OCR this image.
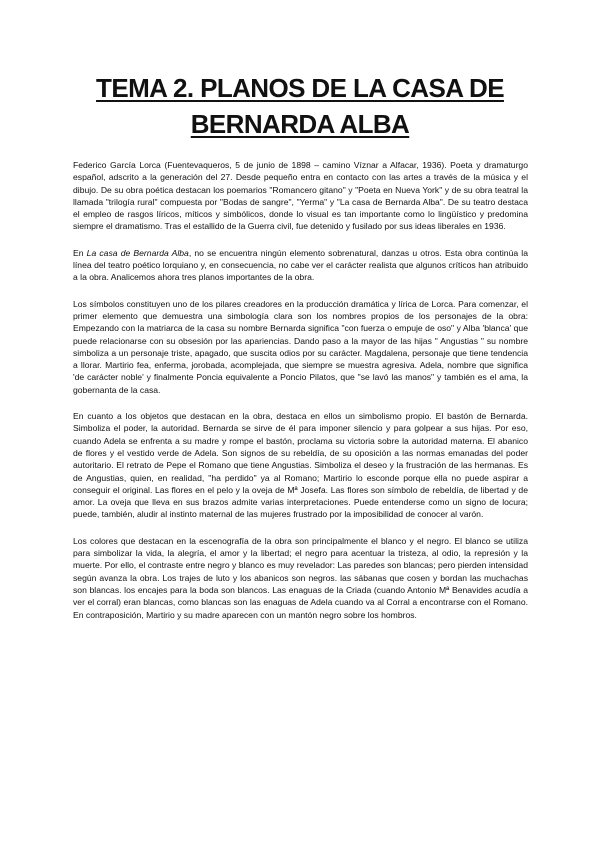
TEMA 2. PLANOS DE LA CASA DE
BERNARDA ALBA

Federico García Lorca (Fuentevaqueros, 5 de junio de 1898 – camino Víznar a Alfacar, 1936). Poeta y dramaturgo español, adscrito a la generación del 27. Desde pequeño entra en contacto con las artes a través de la música y el dibujo. De su obra poética destacan los poemarios "Romancero gitano" y "Poeta en Nueva York" y de su obra teatral la llamada "trilogía rural" compuesta por "Bodas de sangre", "Yerma" y "La casa de Bernarda Alba". De su teatro destaca el empleo de rasgos líricos, míticos y simbólicos, donde lo visual es tan importante como lo lingüístico y predomina siempre el dramatismo. Tras el estallido de la Guerra civil, fue detenido y fusilado por sus ideas liberales en 1936.

En La casa de Bernarda Alba, no se encuentra ningún elemento sobrenatural, danzas u otros. Esta obra continúa la línea del teatro poético lorquiano y, en consecuencia, no cabe ver el carácter realista que algunos críticos han atribuido a la obra. Analicemos ahora tres planos importantes de la obra.

Los símbolos constituyen uno de los pilares creadores en la producción dramática y lírica de Lorca. Para comenzar, el primer elemento que demuestra una simbología clara son los nombres propios de los personajes de la obra: Empezando con la matriarca de la casa su nombre Bernarda significa "con fuerza o empuje de oso" y Alba 'blanca' que puede relacionarse con su obsesión por las apariencias. Dando paso a la mayor de las hijas " Angustias " su nombre simboliza a un personaje triste, apagado, que suscita odios por su carácter. Magdalena, personaje que tiene tendencia a llorar. Martirio fea, enferma, jorobada, acomplejada, que siempre se muestra agresiva. Adela, nombre que significa 'de carácter noble' y finalmente Poncia equivalente a Poncio Pilatos, que "se lavó las manos" y también es el ama, la gobernanta de la casa.

En cuanto a los objetos que destacan en la obra, destaca en ellos un simbolismo propio. El bastón de Bernarda. Simboliza el poder, la autoridad. Bernarda se sirve de él para imponer silencio y para golpear a sus hijas. Por eso, cuando Adela se enfrenta a su madre y rompe el bastón, proclama su victoria sobre la autoridad materna. El abanico de flores y el vestido verde de Adela. Son signos de su rebeldía, de su oposición a las normas emanadas del poder autoritario. El retrato de Pepe el Romano que tiene Angustias. Simboliza el deseo y la frustración de las hermanas. Es de Angustias, quien, en realidad, "ha perdido" ya al Romano; Martirio lo esconde porque ella no puede aspirar a conseguir el original. Las flores en el pelo y la oveja de Mª Josefa. Las flores son símbolo de rebeldía, de libertad y de amor. La oveja que lleva en sus brazos admite varias interpretaciones. Puede entenderse como un signo de locura; puede, también, aludir al instinto maternal de las mujeres frustrado por la imposibilidad de conocer al varón.

Los colores que destacan en la escenografía de la obra son principalmente el blanco y el negro. El blanco se utiliza para simbolizar la vida, la alegría, el amor y la libertad; el negro para acentuar la tristeza, al odio, la represión y la muerte. Por ello, el contraste entre negro y blanco es muy revelador: Las paredes son blancas; pero pierden intensidad según avanza la obra. Los trajes de luto y los abanicos son negros. las sábanas que cosen y bordan las muchachas son blancas. los encajes para la boda son blancos. Las enaguas de la Criada (cuando Antonio Mª Benavides acudía a ver el corral) eran blancas, como blancas son las enaguas de Adela cuando va al Corral a encontrarse con el Romano. En contraposición, Martirio y su madre aparecen con un mantón negro sobre los hombros.
